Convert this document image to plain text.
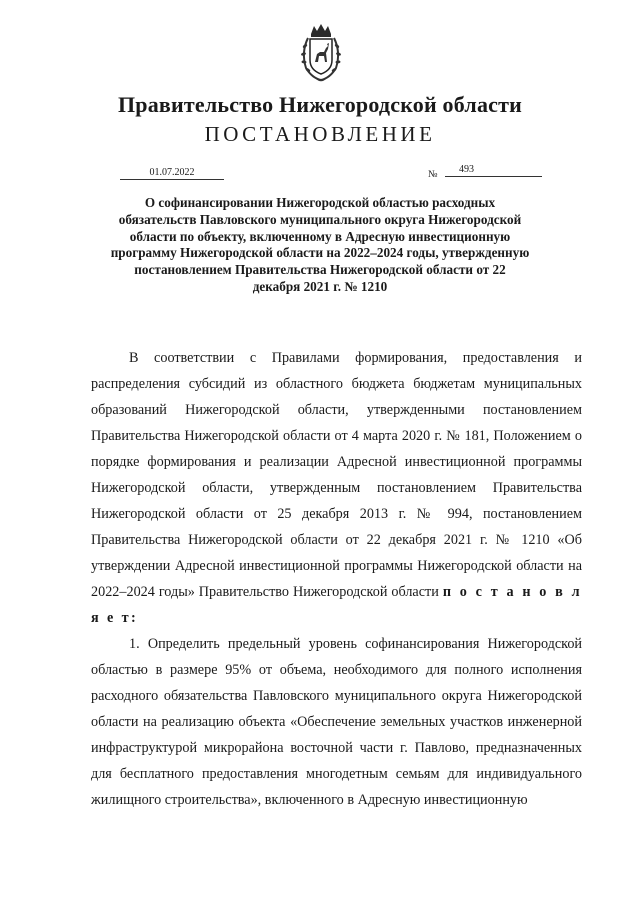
Правительство Нижегородской области
ПОСТАНОВЛЕНИЕ
01.07.2022	№	493
О софинансировании Нижегородской областью расходных обязательств Павловского муниципального округа Нижегородской области по объекту, включенному в Адресную инвестиционную программу Нижегородской области на 2022–2024 годы, утвержденную постановлением Правительства Нижегородской области от 22 декабря 2021 г. № 1210

В соответствии с Правилами формирования, предоставления и распределения субсидий из областного бюджета бюджетам муниципальных образований Нижегородской области, утвержденными постановлением Правительства Нижегородской области от 4 марта 2020 г. № 181, Положением о порядке формирования и реализации Адресной инвестиционной программы Нижегородской области, утвержденным постановлением Правительства Нижегородской области от 25 декабря 2013 г. № 994, постановлением Правительства Нижегородской области от 22 декабря 2021 г. № 1210 «Об утверждении Адресной инвестиционной программы Нижегородской области на 2022–2024 годы» Правительство Нижегородской области п о с т а н о в л я е т:

1. Определить предельный уровень софинансирования Нижегородской областью в размере 95% от объема, необходимого для полного исполнения расходного обязательства Павловского муниципального округа Нижегородской области на реализацию объекта «Обеспечение земельных участков инженерной инфраструктурой микрорайона восточной части г. Павлово, предназначенных для бесплатного предоставления многодетным семьям для индивидуального жилищного строительства», включенного в Адресную инвестиционную
